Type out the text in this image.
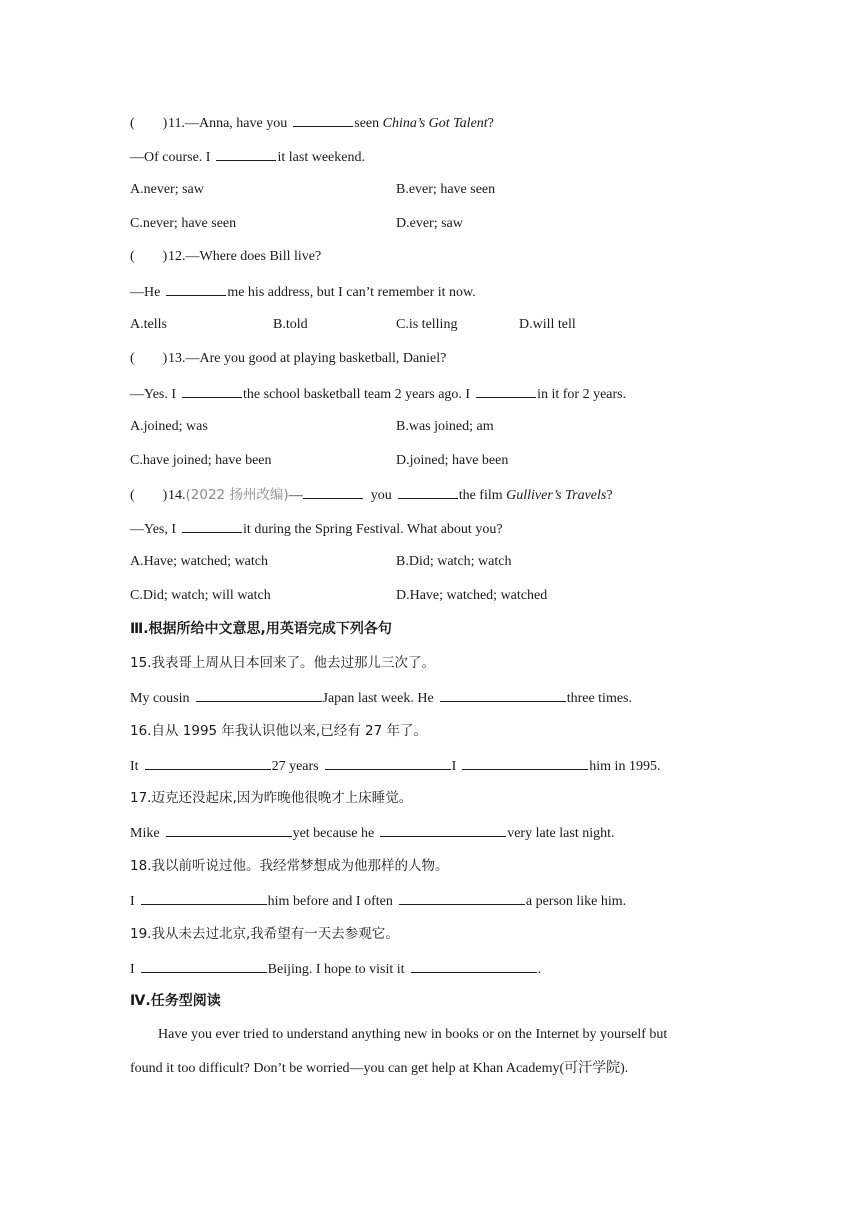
( )11.—Anna, have you	seen China’s Got Talent?
—Of course. I	it last weekend.
A.never; saw	B.ever; have seen
C.never; have seen	D.ever; saw
( )12.—Where does Bill live?
—He	me his address, but I can’t remember it now.
A.tells	B.told	C.is telling	D.will tell
( )13.—Are you good at playing basketball, Daniel?
—Yes. I	the school basketball team 2 years ago. I	in it for 2 years.
A.joined; was	B.was joined; am
C.have joined; have been	D.joined; have been
( )14.(2022 扬州改编)—	you	the film Gulliver’s Travels?
—Yes, I	it during the Spring Festival. What about you?
A.Have; watched; watch	B.Did; watch; watch
C.Did; watch; will watch	D.Have; watched; watched
Ⅲ.根据所给中文意思,用英语完成下列各句
15.我表哥上周从日本回来了。他去过那儿三次了。
My cousin	Japan last week. He	three times.
16.自从 1995 年我认识他以来,已经有 27 年了。
It	27 years	I	him in 1995.
17.迈克还没起床,因为昨晚他很晚才上床睡觉。
Mike	yet because he	very late last night.
18.我以前听说过他。我经常梦想成为他那样的人物。
I	him before and I often	a person like him.
19.我从未去过北京,我希望有一天去参观它。
I	Beijing. I hope to visit it	.
Ⅳ.任务型阅读
Have you ever tried to understand anything new in books or on the Internet by yourself but
found it too difficult? Don’t be worried—you can get help at Khan Academy(可汗学院).
